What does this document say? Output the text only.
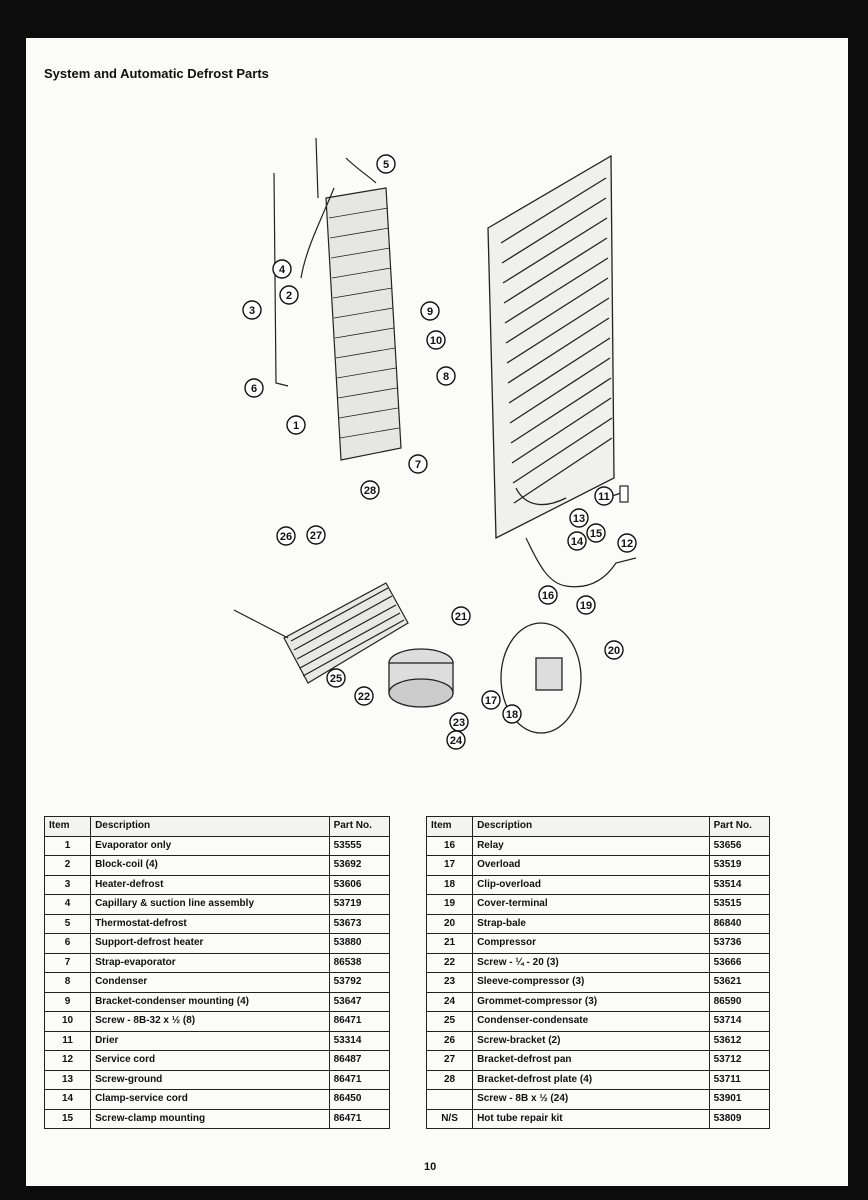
System and Automatic Defrost Parts
1
2
3
4
5
6
7
8
9
10
11
12
13
14
15
16
17
18
19
20
21
22
23
24
25
26 27
28
Item	Description	Part No.
1	Evaporator only	53555
2	Block-coil (4)	53692
3	Heater-defrost	53606
4	Capillary & suction line assembly	53719
5	Thermostat-defrost	53673
6	Support-defrost heater	53880
7	Strap-evaporator	86538
8	Condenser	53792
9	Bracket-condenser mounting (4)	53647
10	Screw - 8B-32 x ½ (8)	86471
11	Drier	53314
12	Service cord	86487
13	Screw-ground	86471
14	Clamp-service cord	86450
15	Screw-clamp mounting	86471
Item	Description	Part No.
16	Relay	53656
17	Overload	53519
18	Clip-overload	53514
19	Cover-terminal	53515
20	Strap-bale	86840
21	Compressor	53736
22	Screw - ¼ - 20 (3)	53666
23	Sleeve-compressor (3)	53621
24	Grommet-compressor (3)	86590
25	Condenser-condensate	53714
26	Screw-bracket (2)	53612
27	Bracket-defrost pan	53712
28	Bracket-defrost plate (4)	53711
	Screw - 8B x ½ (24)	53901
N/S	Hot tube repair kit	53809
10
